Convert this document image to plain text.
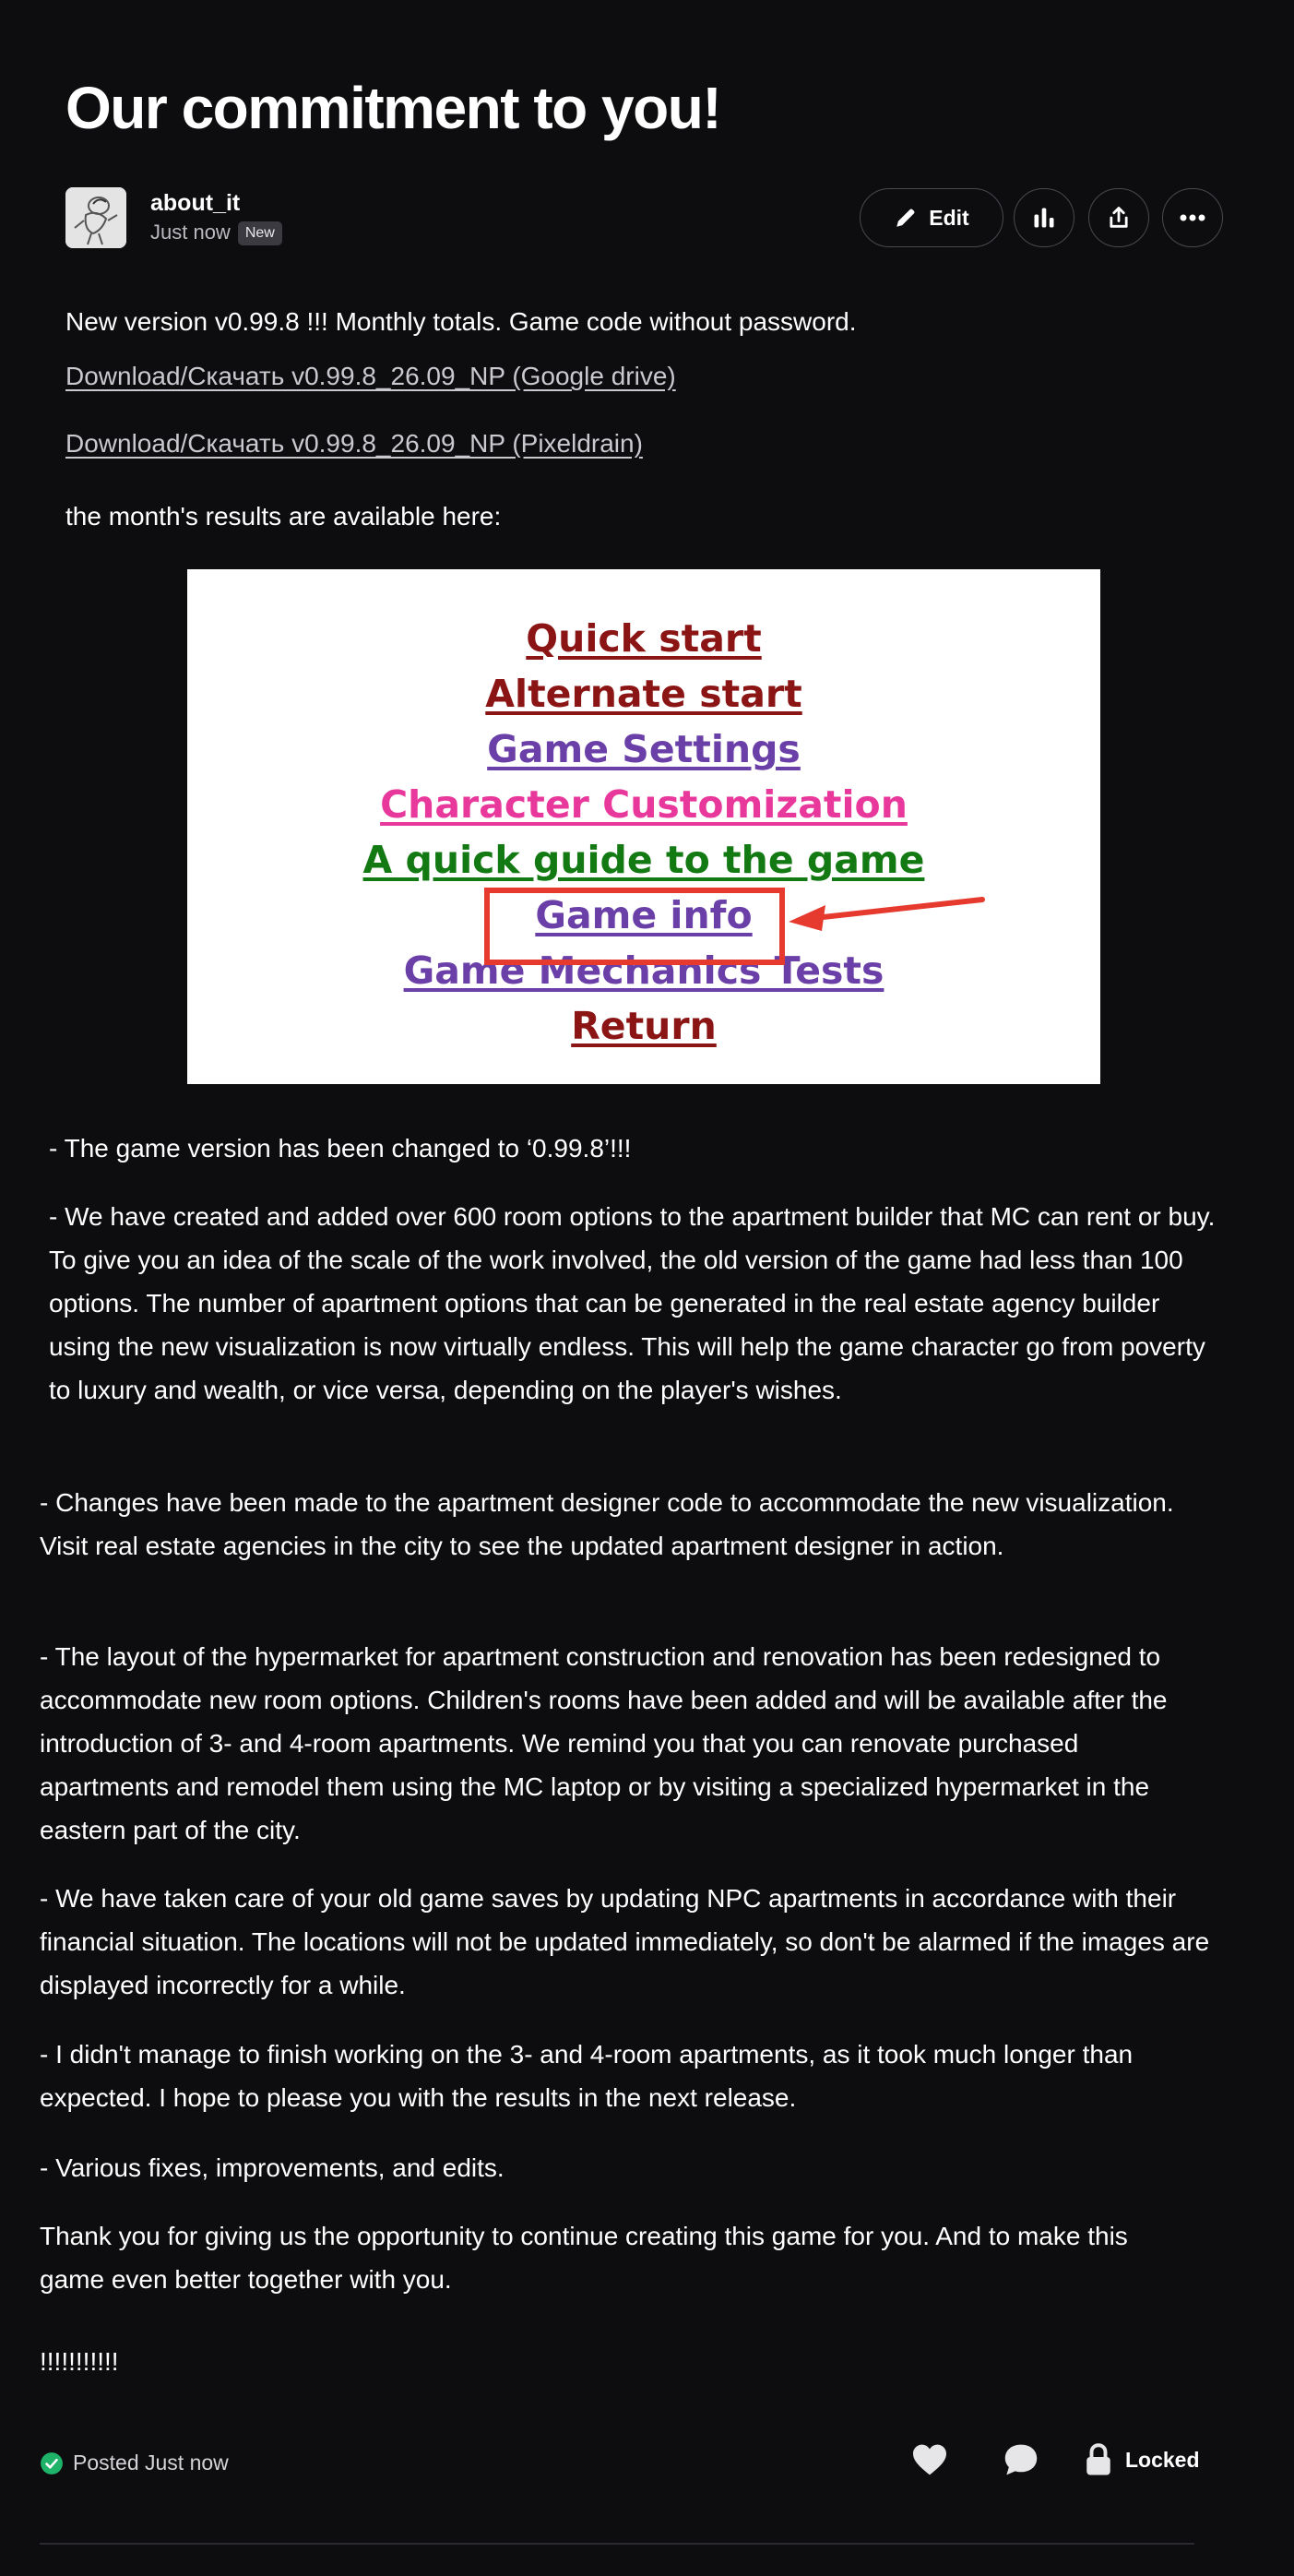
Our commitment to you!
about_it
Just now New
Edit

New version v0.99.8 !!! Monthly totals. Game code without password.

Download/Скачать v0.99.8_26.09_NP (Google drive)
Download/Скачать v0.99.8_26.09_NP (Pixeldrain)

the month's results are available here:

Quick start
Alternate start
Game Settings
Character Customization
A quick guide to the game
Game info
Game Mechanics Tests
Return

- The game version has been changed to ‘0.99.8’!!!

- We have created and added over 600 room options to the apartment builder that MC can rent or buy. To give you an idea of the scale of the work involved, the old version of the game had less than 100 options. The number of apartment options that can be generated in the real estate agency builder using the new visualization is now virtually endless. This will help the game character go from poverty to luxury and wealth, or vice versa, depending on the player's wishes.

- Changes have been made to the apartment designer code to accommodate the new visualization. Visit real estate agencies in the city to see the updated apartment designer in action.

- The layout of the hypermarket for apartment construction and renovation has been redesigned to accommodate new room options. Children's rooms have been added and will be available after the introduction of 3- and 4-room apartments. We remind you that you can renovate purchased apartments and remodel them using the MC laptop or by visiting a specialized hypermarket in the eastern part of the city.

- We have taken care of your old game saves by updating NPC apartments in accordance with their financial situation. The locations will not be updated immediately, so don't be alarmed if the images are displayed incorrectly for a while.

- I didn't manage to finish working on the 3- and 4-room apartments, as it took much longer than expected. I hope to please you with the results in the next release.

- Various fixes, improvements, and edits.

Thank you for giving us the opportunity to continue creating this game for you. And to make this game even better together with you.

!!!!!!!!!!!

Posted Just now	Locked
